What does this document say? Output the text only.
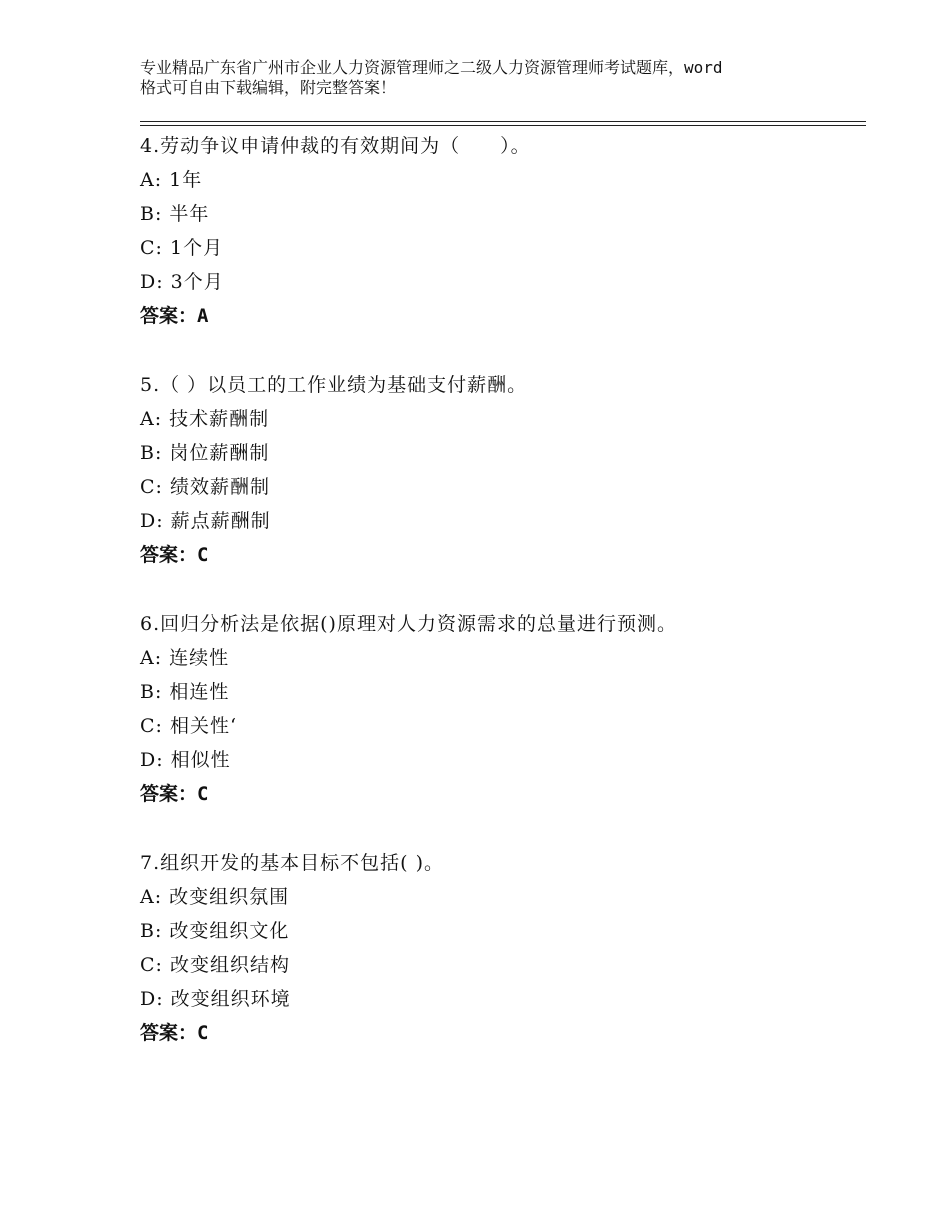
专业精品广东省广州市企业人力资源管理师之二级人力资源管理师考试题库，word
格式可自由下载编辑，附完整答案！
4.劳动争议申请仲裁的有效期间为（　　）。
A: 1年
B: 半年
C: 1个月
D: 3个月
答案：A
5.（ ）以员工的工作业绩为基础支付薪酬。
A: 技术薪酬制
B: 岗位薪酬制
C: 绩效薪酬制
D: 薪点薪酬制
答案：C
6.回归分析法是依据()原理对人力资源需求的总量进行预测。
A: 连续性
B: 相连性
C: 相关性‘
D: 相似性
答案：C
7.组织开发的基本目标不包括( )。
A: 改变组织氛围
B: 改变组织文化
C: 改变组织结构
D: 改变组织环境
答案：C
